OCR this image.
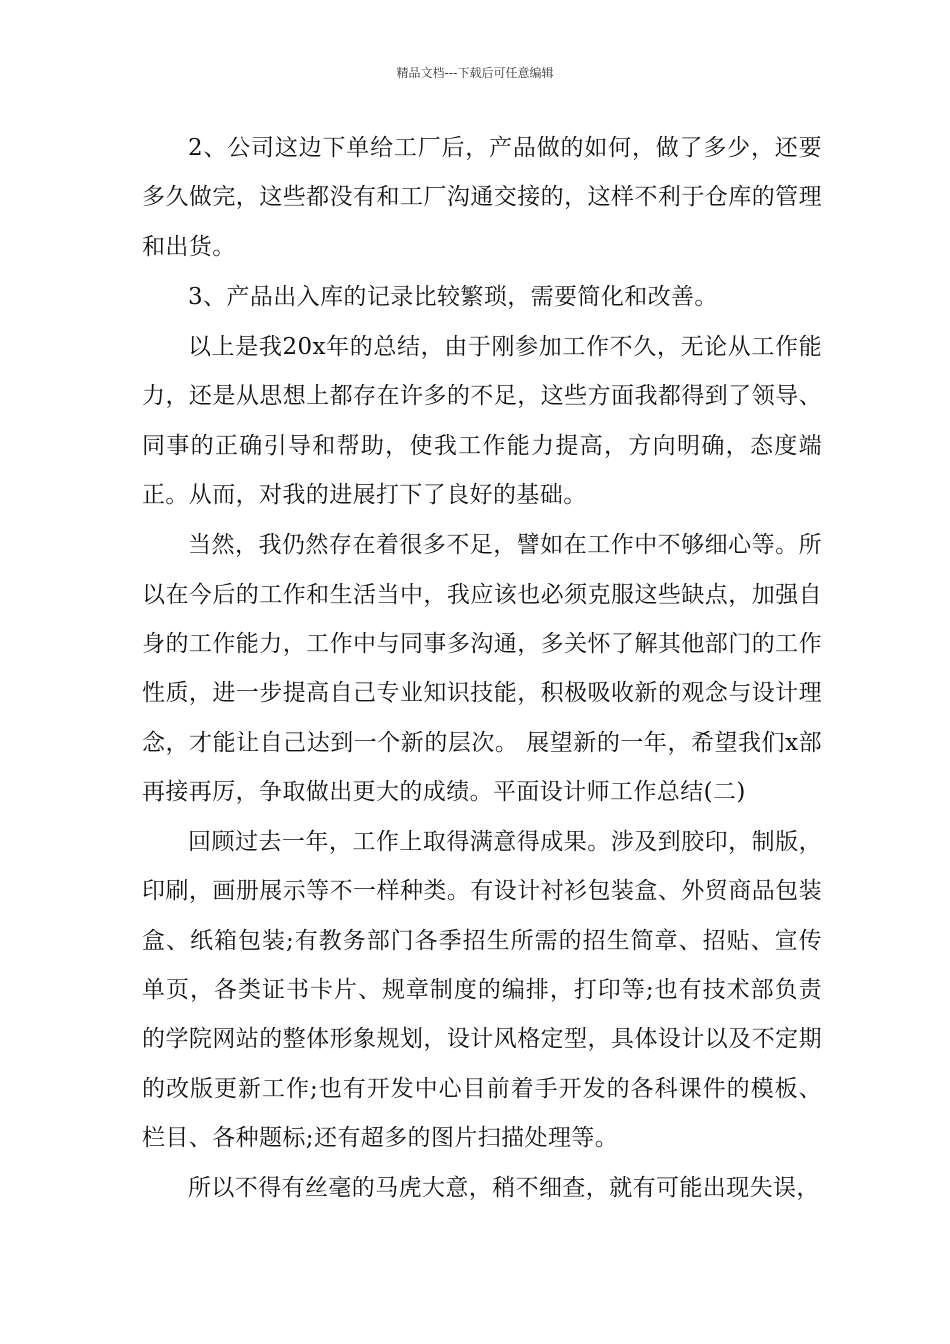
精品文档---下载后可任意编辑

2、公司这边下单给工厂后，产品做的如何，做了多少，还要多久做完，这些都没有和工厂沟通交接的，这样不利于仓库的管理和出货。

3、产品出入库的记录比较繁琐，需要简化和改善。

以上是我20x年的总结，由于刚参加工作不久，无论从工作能力，还是从思想上都存在许多的不足，这些方面我都得到了领导、同事的正确引导和帮助，使我工作能力提高，方向明确，态度端正。从而，对我的进展打下了良好的基础。

当然，我仍然存在着很多不足，譬如在工作中不够细心等。所以在今后的工作和生活当中，我应该也必须克服这些缺点，加强自身的工作能力，工作中与同事多沟通，多关怀了解其他部门的工作性质，进一步提高自己专业知识技能，积极吸收新的观念与设计理念，才能让自己达到一个新的层次。 展望新的一年，希望我们x部再接再厉，争取做出更大的成绩。平面设计师工作总结(二)

回顾过去一年，工作上取得满意得成果。涉及到胶印，制版，印刷，画册展示等不一样种类。有设计衬衫包装盒、外贸商品包装盒、纸箱包装;有教务部门各季招生所需的招生简章、招贴、宣传单页，各类证书卡片、规章制度的编排，打印等;也有技术部负责的学院网站的整体形象规划，设计风格定型，具体设计以及不定期的改版更新工作;也有开发中心目前着手开发的各科课件的模板、栏目、各种题标;还有超多的图片扫描处理等。

所以不得有丝毫的马虎大意，稍不细查，就有可能出现失误，
